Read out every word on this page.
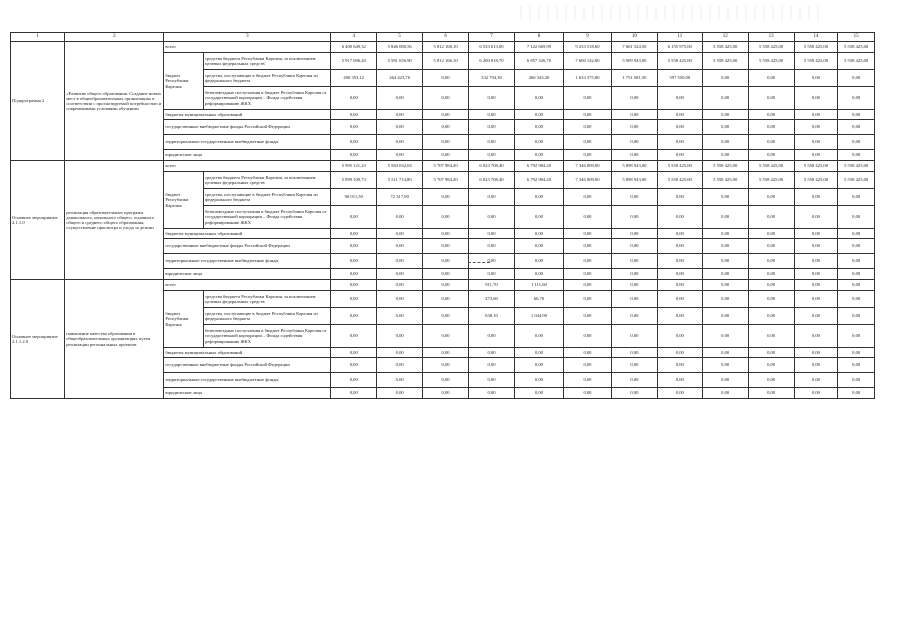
1	2	3		4	5	6	7	8	9	10	11	12	13	14	15
Подпрограмма 2	«Развитие общего образования. Создание новых мест в общеобразовательных организациях в соответствии с прогнозируемой потребностью и современными условиями обучения»	всего		6 400 649,32	5 846 080,56	5 812 168,10	6 533 613,00	7 122 669,99	9 233 518,60	7 661 524,50	6 155 975,00	5 558 425,00	5 558 425,00	5 558 425,00	5 558 425,00
		бюджет Республики Карелия	средства бюджета Республики Карелия, за исключением целевых федеральных средств	5 917 696,20	5 581 656,90	5 812 166,10	6 200 818,70	6 857 326,70	7 600 142,80	5 909 943,00	5 558 425,00	5 558 425,00	5 558 425,00	5 558 425,00	5 558 425,00
			средства, поступающие в бюджет Республики Карелия из федерального бюджета	490 353,12	264 423,76	0,00	332 794,30	266 343,20	1 633 375,80	1 751 581,50	597 550,00	0,00	0,00	0,00	0,00
			безвозмездные поступления в бюджет Республики Карелия от государственной корпорации – Фонда содействия реформированию ЖКХ	0,00	0,00	0,00	0,00	0,00	0,00	0,00	0,00	0,00	0,00	0,00	0,00
		бюджеты муниципальных образований		0,00	0,00	0,00	0,00	0,00	0,00	0,00	0,00	0,00	0,00	0,00	0,00
		государственные внебюджетные фонды Российской Федерации		0,00	0,00	0,00	0,00	0,00	0,00	0,00	0,00	0,00	0,00	0,00	0,00
		территориальные государственные внебюджетные фонды		0,00	0,00	0,00	0,00	0,00	0,00	0,00	0,00	0,00	0,00	0,00	0,00
		юридические лица		0,00	0,00	0,00	0,00	0,00	0,00	0,00	0,00	0,00	0,00	0,00	0,00
Основное мероприятие 2.1.1.0	реализация образовательных программ дошкольного, начального общего, основного общего и среднего общего образования, осуществление присмотра и ухода за детьми	всего		5 995 121,23	5 584 032,04	5 707 984,20	6 023 708,40	6 792 984,20	7 346 809,00	5 898 943,00	5 558 425,00	5 558 425,00	5 558 425,00	5 558 425,00	5 558 425,00
		бюджет Республики Карелия	средства бюджета Республики Карелия, за исключением целевых федеральных средств	5 899 109,73	5 511 714,80	5 707 984,20	6 023 708,40	6 792 984,20	7 346 809,00	5 898 943,00	5 558 425,00	5 558 425,00	5 558 425,00	5 558 425,00	5 558 425,00
			средства, поступающие в бюджет Республики Карелия из федерального бюджета	96 011,50	72 317,80	0,00	0,00	0,00	0,00	0,00	0,00	0,00	0,00	0,00	0,00
			безвозмездные поступления в бюджет Республики Карелия от государственной корпорации – Фонда содействия реформированию ЖКХ	0,00	0,00	0,00	0,00	0,00	0,00	0,00	0,00	0,00	0,00	0,00	0,00
		бюджеты муниципальных образований		0,00	0,00	0,00	0,00	0,00	0,00	0,00	0,00	0,00	0,00	0,00	0,00
		государственные внебюджетные фонды Российской Федерации		0,00	0,00	0,00	0,00	0,00	0,00	0,00	0,00	0,00	0,00	0,00	0,00
		территориальные государственные внебюджетные фонды		0,00	0,00	0,00	0,00	0,00	0,00	0,00	0,00	0,00	0,00	0,00	0,00
		юридические лица		0,00	0,00	0,00	0,00	0,00	0,00	0,00	0,00	0,00	0,00	0,00	0,00
Основное мероприятие 2.1.1.2.0	повышение качества образования в общеобразовательных организациях путем реализации региональных проектов	всего		0,00	0,00	0,00	911,70	1 111,60	0,00	0,00	0,00	0,00	0,00	0,00	0,00
		бюджет Республики Карелия	средства бюджета Республики Карелия, за исключением целевых федеральных средств	0,00	0,00	0,00	273,60	66,70	0,00	0,00	0,00	0,00	0,00	0,00	0,00
			средства, поступающие в бюджет Республики Карелия из федерального бюджета	0,00	0,00	0,00	638,10	1 044,90	0,00	0,00	0,00	0,00	0,00	0,00	0,00
			безвозмездные поступления в бюджет Республики Карелия от государственной корпорации – Фонда содействия реформированию ЖКХ	0,00	0,00	0,00	0,00	0,00	0,00	0,00	0,00	0,00	0,00	0,00	0,00
		бюджеты муниципальных образований		0,00	0,00	0,00	0,00	0,00	0,00	0,00	0,00	0,00	0,00	0,00	0,00
		государственные внебюджетные фонды Российской Федерации		0,00	0,00	0,00	0,00	0,00	0,00	0,00	0,00	0,00	0,00	0,00	0,00
		территориальные государственные внебюджетные фонды		0,00	0,00	0,00	0,00	0,00	0,00	0,00	0,00	0,00	0,00	0,00	0,00
		юридические лица		0,00	0,00	0,00	0,00	0,00	0,00	0,00	0,00	0,00	0,00	0,00	0,00
